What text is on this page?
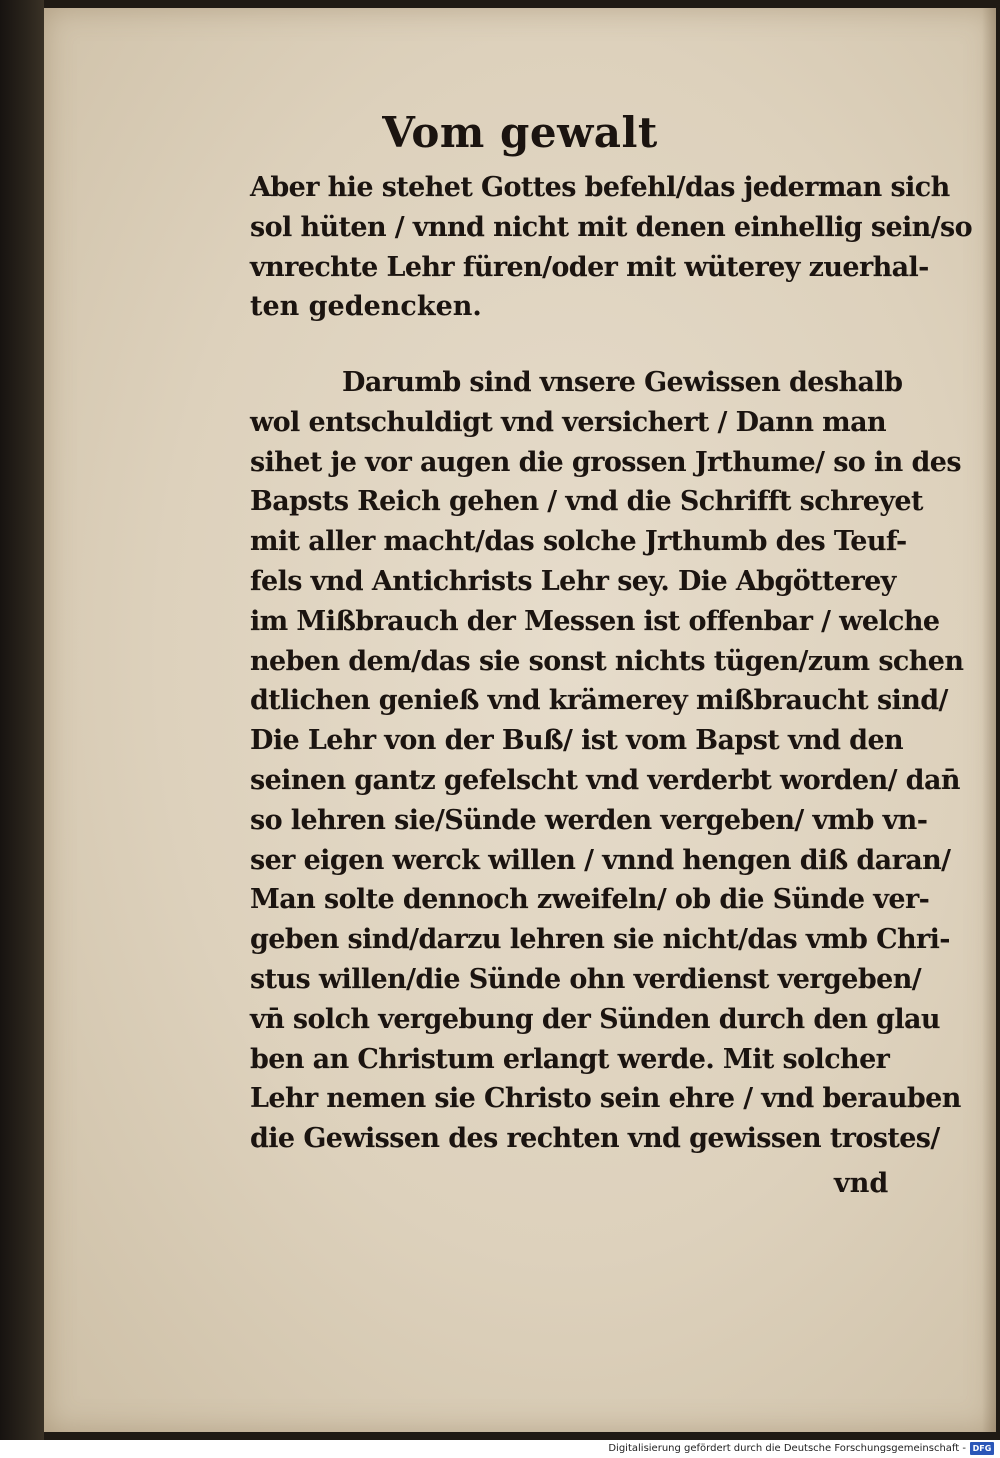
Vom gewalt
Aber hie stehet Gottes befehl/das jederman sich
sol hüten / vnnd nicht mit denen einhellig sein/so
vnrechte Lehr füren/oder mit wüterey zuerhal-
ten gedencken.
Darumb sind vnsere Gewissen deshalb
wol entschuldigt vnd versichert / Dann man
sihet je vor augen die grossen Jrthume/ so in des
Bapsts Reich gehen / vnd die Schrifft schreyet
mit aller macht/das solche Jrthumb des Teuf-
fels vnd Antichrists Lehr sey. Die Abgötterey
im Mißbrauch der Messen ist offenbar / welche
neben dem/das sie sonst nichts tügen/zum schen
dtlichen genieß vnd krämerey mißbraucht sind/
Die Lehr von der Buß/ ist vom Bapst vnd den
seinen gantz gefelscht vnd verderbt worden/ dan̄
so lehren sie/Sünde werden vergeben/ vmb vn-
ser eigen werck willen / vnnd hengen diß daran/
Man solte dennoch zweifeln/ ob die Sünde ver-
geben sind/darzu lehren sie nicht/das vmb Chri-
stus willen/die Sünde ohn verdienst vergeben/
vn̄ solch vergebung der Sünden durch den glau
ben an Christum erlangt werde. Mit solcher
Lehr nemen sie Christo sein ehre / vnd berauben
die Gewissen des rechten vnd gewissen trostes/
vnd
Digitalisierung gefördert durch die Deutsche Forschungsgemeinschaft - DFG
